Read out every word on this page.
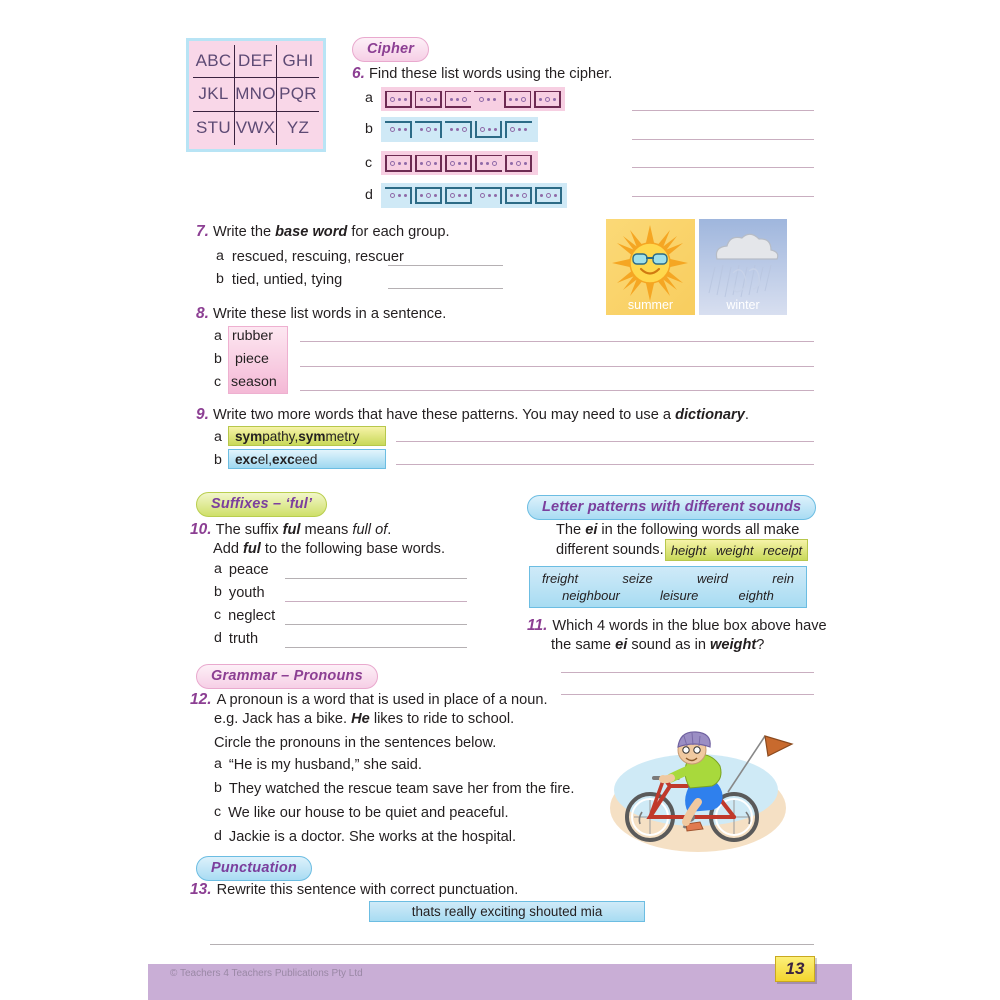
ABC DEF GHI
JKL MNO PQR
STU VWX YZ
Cipher
6. Find these list words using the cipher.
a
b
c
d
7. Write the base word for each group.
a rescued, rescuing, rescuer
b tied, untied, tying
summer	winter
8. Write these list words in a sentence.
a rubber
b piece
c season
9. Write two more words that have these patterns. You may need to use a dictionary.
a sym pathy, sym metry
b exc el, exc eed
Suffixes – ‘ful’
10. The suffix ful means full of.
Add ful to the following base words.
a peace
b youth
c neglect
d truth
Letter patterns with different sounds
The ei in the following words all make
different sounds. height weight receipt
freight	seize	weird	rein
neighbour	leisure	eighth
11. Which 4 words in the blue box above have
the same ei sound as in weight?
Grammar – Pronouns
12. A pronoun is a word that is used in place of a noun.
e.g. Jack has a bike. He likes to ride to school.
Circle the pronouns in the sentences below.
a “He is my husband,” she said.
b They watched the rescue team save her from the fire.
c We like our house to be quiet and peaceful.
d Jackie is a doctor. She works at the hospital.
Punctuation
13. Rewrite this sentence with correct punctuation.
thats really exciting shouted mia
© Teachers 4 Teachers Publications Pty Ltd	13
